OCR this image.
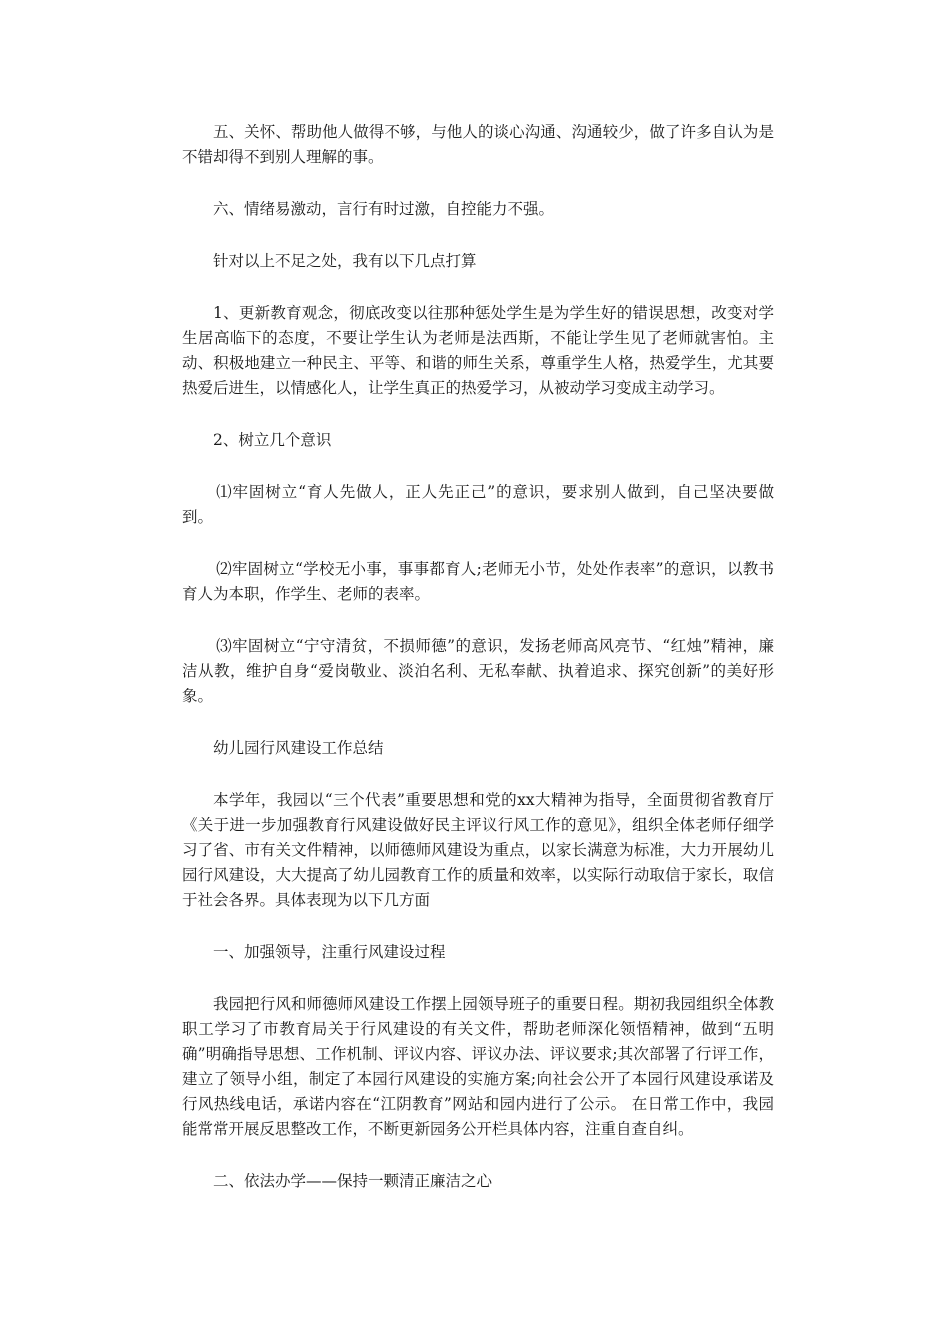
五、关怀、帮助他人做得不够，与他人的谈心沟通、沟通较少，做了许多自认为是不错却得不到别人理解的事。

六、情绪易激动，言行有时过激，自控能力不强。

针对以上不足之处，我有以下几点打算

1、更新教育观念，彻底改变以往那种惩处学生是为学生好的错误思想，改变对学生居高临下的态度，不要让学生认为老师是法西斯，不能让学生见了老师就害怕。主动、积极地建立一种民主、平等、和谐的师生关系，尊重学生人格，热爱学生，尤其要热爱后进生，以情感化人，让学生真正的热爱学习，从被动学习变成主动学习。

2、树立几个意识

⑴牢固树立“育人先做人，正人先正己”的意识，要求别人做到，自己坚决要做到。

⑵牢固树立“学校无小事，事事都育人;老师无小节，处处作表率”的意识，以教书育人为本职，作学生、老师的表率。

⑶牢固树立“宁守清贫，不损师德”的意识，发扬老师高风亮节、“红烛”精神，廉洁从教，维护自身“爱岗敬业、淡泊名利、无私奉献、执着追求、探究创新”的美好形象。

幼儿园行风建设工作总结

本学年，我园以“三个代表”重要思想和党的xx大精神为指导，全面贯彻省教育厅《关于进一步加强教育行风建设做好民主评议行风工作的意见》，组织全体老师仔细学习了省、市有关文件精神，以师德师风建设为重点，以家长满意为标准，大力开展幼儿园行风建设，大大提高了幼儿园教育工作的质量和效率，以实际行动取信于家长，取信于社会各界。具体表现为以下几方面

一、加强领导，注重行风建设过程

我园把行风和师德师风建设工作摆上园领导班子的重要日程。期初我园组织全体教职工学习了市教育局关于行风建设的有关文件，帮助老师深化领悟精神，做到“五明确”明确指导思想、工作机制、评议内容、评议办法、评议要求;其次部署了行评工作，建立了领导小组，制定了本园行风建设的实施方案;向社会公开了本园行风建设承诺及行风热线电话，承诺内容在“江阴教育”网站和园内进行了公示。 在日常工作中，我园能常常开展反思整改工作，不断更新园务公开栏具体内容，注重自查自纠。

二、依法办学——保持一颗清正廉洁之心
